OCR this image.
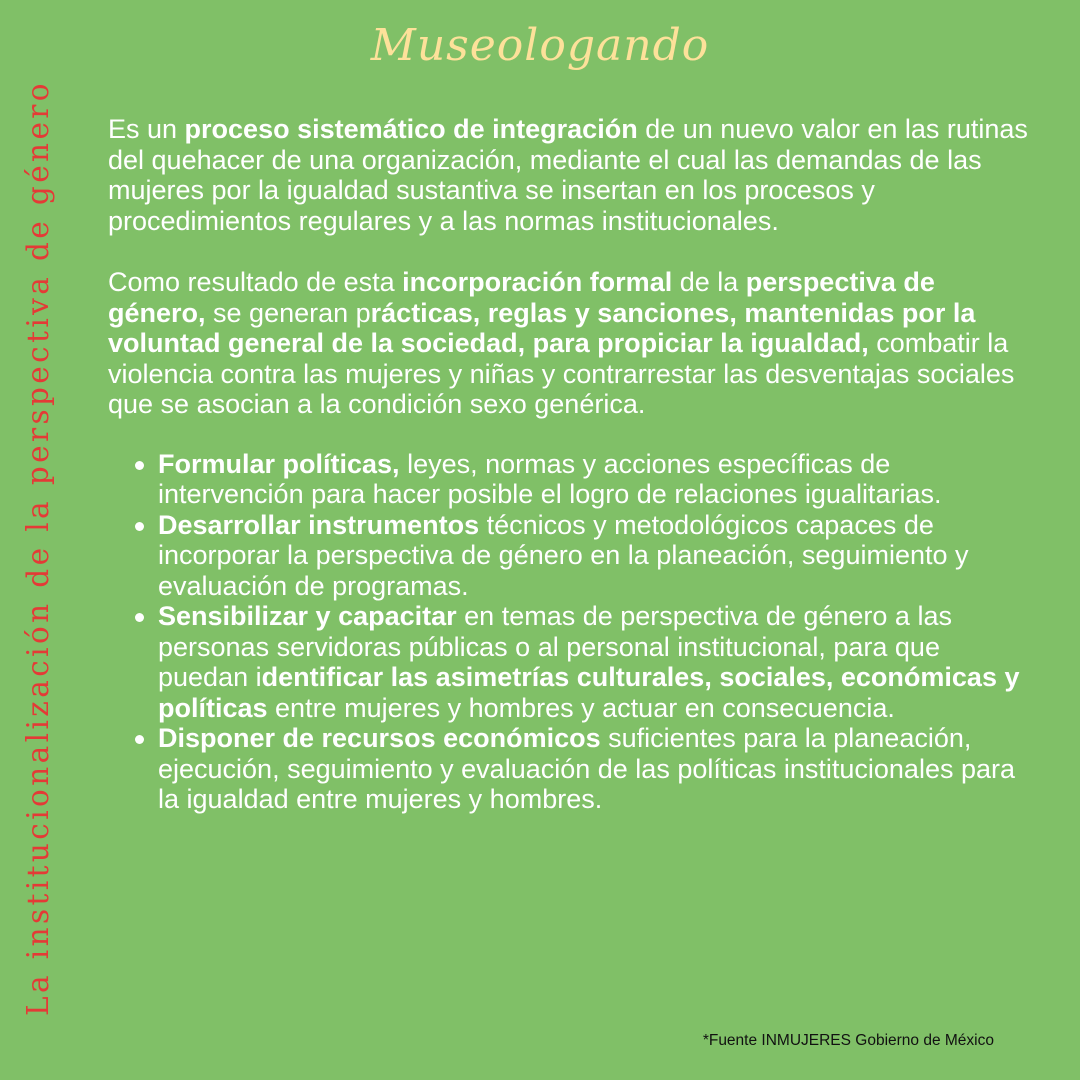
Museologando
La institucionalización de la perspectiva de género	Es un proceso sistemático de integración de un nuevo valor en las rutinas del quehacer de una organización, mediante el cual las demandas de las mujeres por la igualdad sustantiva se insertan en los procesos y procedimientos regulares y a las normas institucionales.

Como resultado de esta incorporación formal de la perspectiva de género, se generan prácticas, reglas y sanciones, mantenidas por la voluntad general de la sociedad, para propiciar la igualdad, combatir la violencia contra las mujeres y niñas y contrarrestar las desventajas sociales que se asocian a la condición sexo genérica.

Formular políticas, leyes, normas y acciones específicas de intervención para hacer posible el logro de relaciones igualitarias.
Desarrollar instrumentos técnicos y metodológicos capaces de incorporar la perspectiva de género en la planeación, seguimiento y evaluación de programas.
Sensibilizar y capacitar en temas de perspectiva de género a las personas servidoras públicas o al personal institucional, para que puedan identificar las asimetrías culturales, sociales, económicas y políticas entre mujeres y hombres y actuar en consecuencia.
Disponer de recursos económicos suficientes para la planeación, ejecución, seguimiento y evaluación de las políticas institucionales para la igualdad entre mujeres y hombres.
*Fuente INMUJERES Gobierno de México
